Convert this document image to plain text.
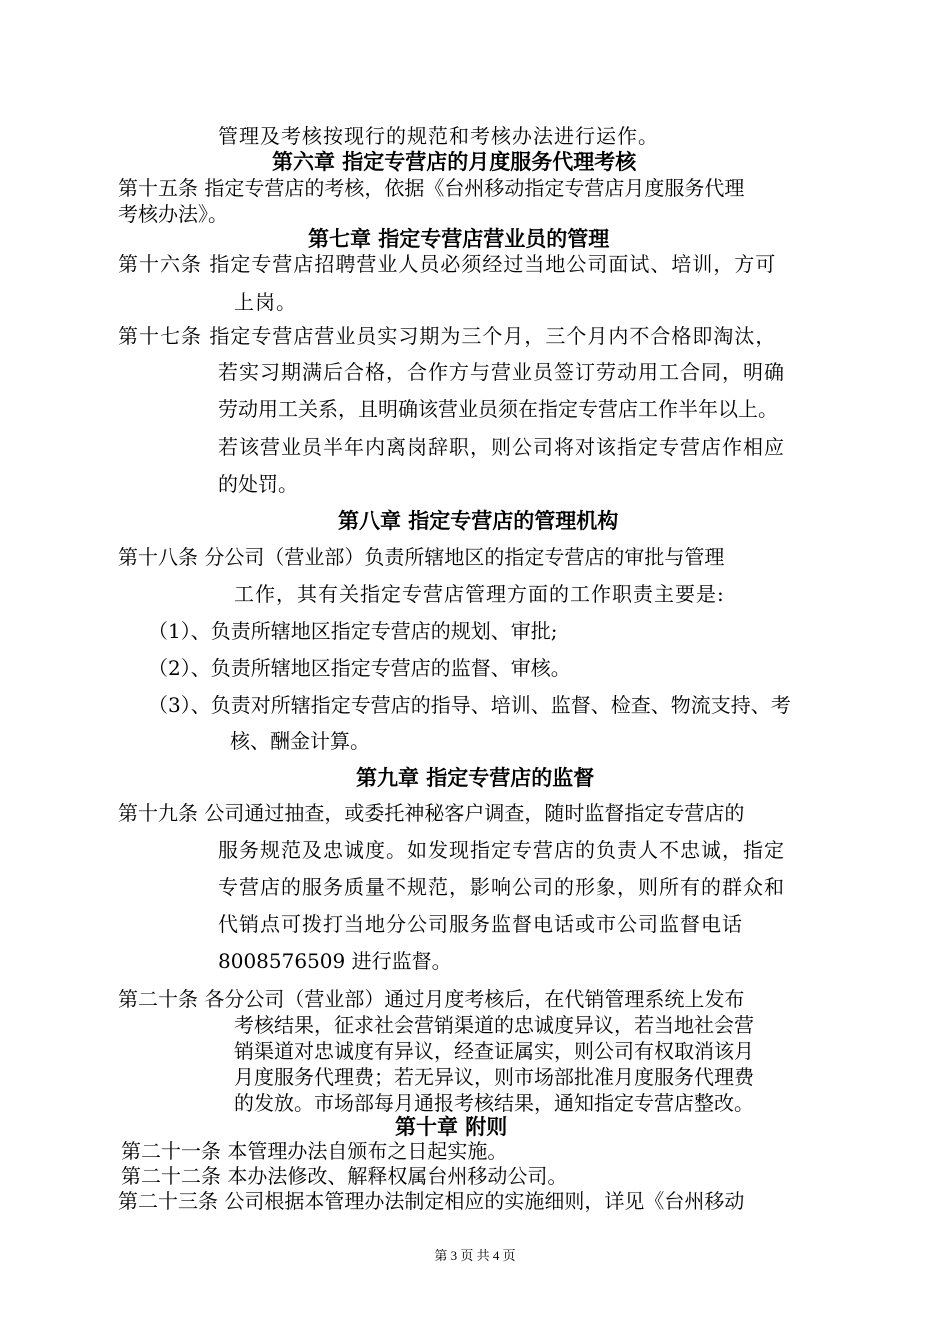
管理及考核按现行的规范和考核办法进行运作。
第六章 指定专营店的月度服务代理考核
第十五条 指定专营店的考核，依据《台州移动指定专营店月度服务代理
考核办法》。
第七章 指定专营店营业员的管理
第十六条 指定专营店招聘营业人员必须经过当地公司面试、培训，方可
上岗。
第十七条 指定专营店营业员实习期为三个月，三个月内不合格即淘汰，
若实习期满后合格，合作方与营业员签订劳动用工合同，明确
劳动用工关系，且明确该营业员须在指定专营店工作半年以上。
若该营业员半年内离岗辞职，则公司将对该指定专营店作相应
的处罚。
第八章 指定专营店的管理机构
第十八条 分公司（营业部）负责所辖地区的指定专营店的审批与管理
工作，其有关指定专营店管理方面的工作职责主要是:
（1）、负责所辖地区指定专营店的规划、审批;
（2）、负责所辖地区指定专营店的监督、审核。
（3）、负责对所辖指定专营店的指导、培训、监督、检查、物流支持、考
核、酬金计算。
第九章 指定专营店的监督
第十九条 公司通过抽查，或委托神秘客户调查，随时监督指定专营店的
服务规范及忠诚度。如发现指定专营店的负责人不忠诚，指定
专营店的服务质量不规范，影响公司的形象，则所有的群众和
代销点可拨打当地分公司服务监督电话或市公司监督电话
8008576509 进行监督。
第二十条 各分公司（营业部）通过月度考核后，在代销管理系统上发布
考核结果，征求社会营销渠道的忠诚度异议，若当地社会营
销渠道对忠诚度有异议，经查证属实，则公司有权取消该月
月度服务代理费；若无异议，则市场部批准月度服务代理费
的发放。市场部每月通报考核结果，通知指定专营店整改。
第十章 附则
第二十一条 本管理办法自颁布之日起实施。
第二十二条 本办法修改、解释权属台州移动公司。
第二十三条 公司根据本管理办法制定相应的实施细则，详见《台州移动
第 3 页 共 4 页
